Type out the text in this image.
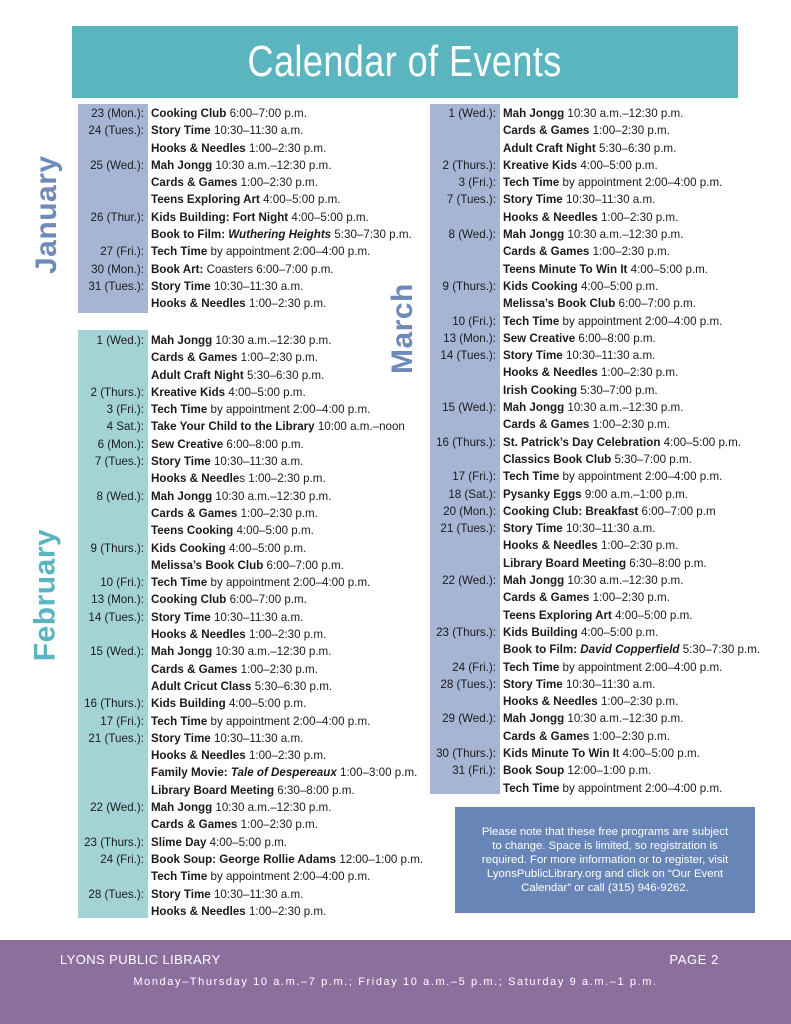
Calendar of Events
January
23 (Mon.): Cooking Club 6:00–7:00 p.m.
24 (Tues.): Story Time 10:30–11:30 a.m.
Hooks & Needles 1:00–2:30 p.m.
25 (Wed.): Mah Jongg 10:30 a.m.–12:30 p.m.
Cards & Games 1:00–2:30 p.m.
Teens Exploring Art 4:00–5:00 p.m.
26 (Thur.): Kids Building: Fort Night 4:00–5:00 p.m.
Book to Film: Wuthering Heights 5:30–7:30 p.m.
27 (Fri.): Tech Time by appointment 2:00–4:00 p.m.
30 (Mon.): Book Art: Coasters 6:00–7:00 p.m.
31 (Tues.): Story Time 10:30–11:30 a.m.
Hooks & Needles 1:00–2:30 p.m.
February
1 (Wed.): Mah Jongg 10:30 a.m.–12:30 p.m.
Cards & Games 1:00–2:30 p.m.
Adult Craft Night 5:30–6:30 p.m.
2 (Thurs.): Kreative Kids 4:00–5:00 p.m.
3 (Fri.): Tech Time by appointment 2:00–4:00 p.m.
4 Sat.): Take Your Child to the Library 10:00 a.m.–noon
6 (Mon.): Sew Creative 6:00–8:00 p.m.
7 (Tues.): Story Time 10:30–11:30 a.m.
Hooks & Needles 1:00–2:30 p.m.
8 (Wed.): Mah Jongg 10:30 a.m.–12:30 p.m.
Cards & Games 1:00–2:30 p.m.
Teens Cooking 4:00–5:00 p.m.
9 (Thurs.): Kids Cooking 4:00–5:00 p.m.
Melissa’s Book Club 6:00–7:00 p.m.
10 (Fri.): Tech Time by appointment 2:00–4:00 p.m.
13 (Mon.): Cooking Club 6:00–7:00 p.m.
14 (Tues.): Story Time 10:30–11:30 a.m.
Hooks & Needles 1:00–2:30 p.m.
15 (Wed.): Mah Jongg 10:30 a.m.–12:30 p.m.
Cards & Games 1:00–2:30 p.m.
Adult Cricut Class 5:30–6:30 p.m.
16 (Thurs.): Kids Building 4:00–5:00 p.m.
17 (Fri.): Tech Time by appointment 2:00–4:00 p.m.
21 (Tues.): Story Time 10:30–11:30 a.m.
Hooks & Needles 1:00–2:30 p.m.
Family Movie: Tale of Despereaux 1:00–3:00 p.m.
Library Board Meeting 6:30–8:00 p.m.
22 (Wed.): Mah Jongg 10:30 a.m.–12:30 p.m.
Cards & Games 1:00–2:30 p.m.
23 (Thurs.): Slime Day 4:00–5:00 p.m.
24 (Fri.): Book Soup: George Rollie Adams 12:00–1:00 p.m.
Tech Time by appointment 2:00–4:00 p.m.
28 (Tues.): Story Time 10:30–11:30 a.m.
Hooks & Needles 1:00–2:30 p.m.
March
1 (Wed.): Mah Jongg 10:30 a.m.–12:30 p.m.
Cards & Games 1:00–2:30 p.m.
Adult Craft Night 5:30–6:30 p.m.
2 (Thurs.): Kreative Kids 4:00–5:00 p.m.
3 (Fri.): Tech Time by appointment 2:00–4:00 p.m.
7 (Tues.): Story Time 10:30–11:30 a.m.
Hooks & Needles 1:00–2:30 p.m.
8 (Wed.): Mah Jongg 10:30 a.m.–12:30 p.m.
Cards & Games 1:00–2:30 p.m.
Teens Minute To Win It 4:00–5:00 p.m.
9 (Thurs.): Kids Cooking 4:00–5:00 p.m.
Melissa’s Book Club 6:00–7:00 p.m.
10 (Fri.): Tech Time by appointment 2:00–4:00 p.m.
13 (Mon.): Sew Creative 6:00–8:00 p.m.
14 (Tues.): Story Time 10:30–11:30 a.m.
Hooks & Needles 1:00–2:30 p.m.
Irish Cooking 5:30–7:00 p.m.
15 (Wed.): Mah Jongg 10:30 a.m.–12:30 p.m.
Cards & Games 1:00–2:30 p.m.
16 (Thurs.): St. Patrick’s Day Celebration 4:00–5:00 p.m.
Classics Book Club 5:30–7:00 p.m.
17 (Fri.): Tech Time by appointment 2:00–4:00 p.m.
18 (Sat.): Pysanky Eggs 9:00 a.m.–1:00 p.m.
20 (Mon.): Cooking Club: Breakfast 6:00–7:00 p.m
21 (Tues.): Story Time 10:30–11:30 a.m.
Hooks & Needles 1:00–2:30 p.m.
Library Board Meeting 6:30–8:00 p.m.
22 (Wed.): Mah Jongg 10:30 a.m.–12:30 p.m.
Cards & Games 1:00–2:30 p.m.
Teens Exploring Art 4:00–5:00 p.m.
23 (Thurs.): Kids Building 4:00–5:00 p.m.
Book to Film: David Copperfield 5:30–7:30 p.m.
24 (Fri.): Tech Time by appointment 2:00–4:00 p.m.
28 (Tues.): Story Time 10:30–11:30 a.m.
Hooks & Needles 1:00–2:30 p.m.
29 (Wed.): Mah Jongg 10:30 a.m.–12:30 p.m.
Cards & Games 1:00–2:30 p.m.
30 (Thurs.): Kids Minute To Win It 4:00–5:00 p.m.
31 (Fri.): Book Soup 12:00–1:00 p.m.
Tech Time by appointment 2:00–4:00 p.m.
Please note that these free programs are subject to change. Space is limited, so registration is required. For more information or to register, visit LyonsPublicLibrary.org and click on “Our Event Calendar” or call (315) 946-9262.
LYONS PUBLIC LIBRARY	PAGE 2
Monday–Thursday 10 a.m.–7 p.m.; Friday 10 a.m.–5 p.m.; Saturday 9 a.m.–1 p.m.
